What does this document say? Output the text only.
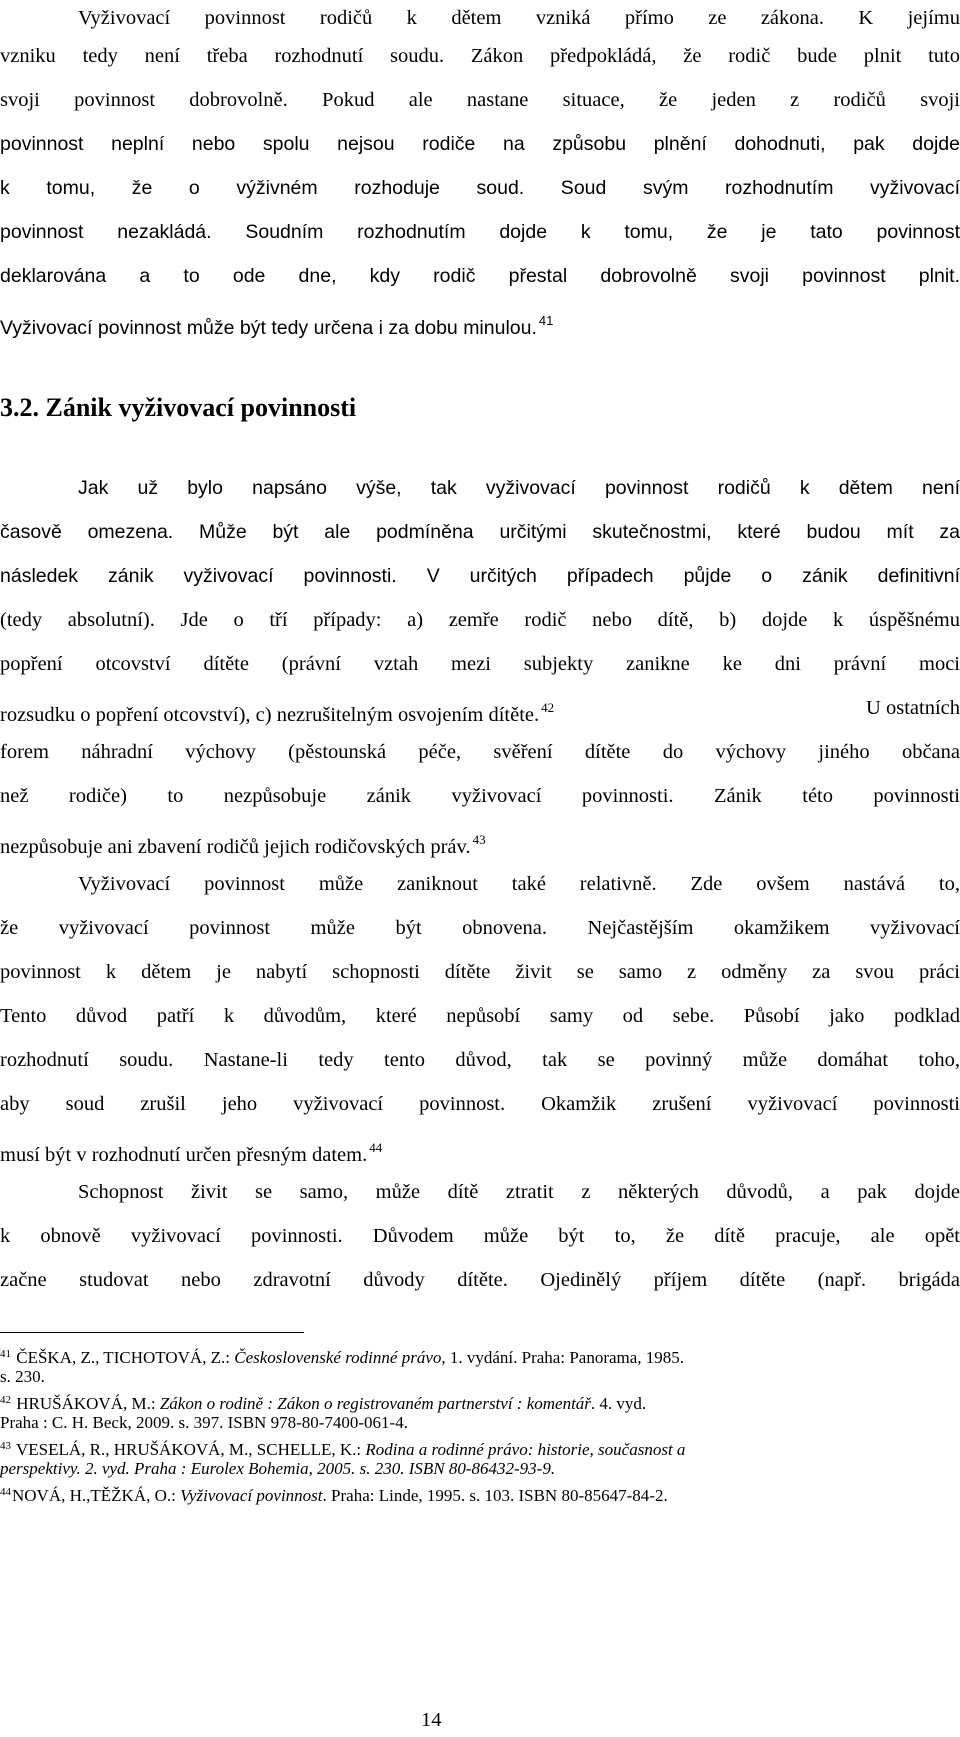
Vyživovací povinnost rodičů k dětem vzniká přímo ze zákona. K jejímu
vzniku tedy není třeba rozhodnutí soudu. Zákon předpokládá, že rodič bude plnit tuto
svoji povinnost dobrovolně. Pokud ale nastane situace, že jeden z rodičů svoji
povinnost neplní nebo spolu nejsou rodiče na způsobu plnění dohodnuti, pak dojde
k tomu, že o výživném rozhoduje soud. Soud svým rozhodnutím vyživovací
povinnost nezakládá. Soudním rozhodnutím dojde k tomu, že je tato povinnost
deklarována a to ode dne, kdy rodič přestal dobrovolně svoji povinnost plnit.
Vyživovací povinnost může být tedy určena i za dobu minulou. $^{41}$
3.2. Zánik vyživovací povinnosti
Jak už bylo napsáno výše, tak vyživovací povinnost rodičů k dětem není
časově omezena. Může být ale podmíněna určitými skutečnostmi, které budou mít za
následek zánik vyživovací povinnosti. V určitých případech půjde o zánik definitivní
(tedy absolutní). Jde o tří případy: a) zemře rodič nebo dítě, b) dojde k úspěšnému
popření otcovství dítěte (právní vztah mezi subjekty zanikne ke dni právní moci
rozsudku o popření otcovství), c) nezrušitelným osvojením dítěte. $^{42}$	U ostatních
forem náhradní výchovy (pěstounská péče, svěření dítěte do výchovy jiného občana
než rodiče) to nezpůsobuje zánik vyživovací povinnosti. Zánik této povinnosti
nezpůsobuje ani zbavení rodičů jejich rodičovských práv. $^{43}$
Vyživovací povinnost může zaniknout také relativně. Zde ovšem nastává to,
že vyživovací povinnost může být obnovena. Nejčastějším okamžikem vyživovací
povinnost k dětem je nabytí schopnosti dítěte živit se samo z odměny za svou práci
Tento důvod patří k důvodům, které nepůsobí samy od sebe. Působí jako podklad
rozhodnutí soudu. Nastane-li tedy tento důvod, tak se povinný může domáhat toho,
aby soud zrušil jeho vyživovací povinnost. Okamžik zrušení vyživovací povinnosti
musí být v rozhodnutí určen přesným datem. $^{44}$
Schopnost živit se samo, může dítě ztratit z některých důvodů, a pak dojde
k obnově vyživovací povinnosti. Důvodem může být to, že dítě pracuje, ale opět
začne studovat nebo zdravotní důvody dítěte. Ojedinělý příjem dítěte (např. brigáda
$^{41}$ ČEŠKA, Z., TICHOTOVÁ, Z.: Československé rodinné právo, 1. vydání. Praha: Panorama, 1985.
s. 230.
$^{42}$ HRUŠÁKOVÁ, M.: Zákon o rodině : Zákon o registrovaném partnerství : komentář. 4. vyd.
Praha : C. H. Beck, 2009. s. 397. ISBN 978-80-7400-061-4.
$^{43}$ VESELÁ, R., HRUŠÁKOVÁ, M., SCHELLE, K.: Rodina a rodinné právo: historie, současnost a
perspektivy. 2. vyd. Praha : Eurolex Bohemia, 2005. s. 230. ISBN 80-86432-93-9.
$^{44}$NOVÁ, H.,TĚŽKÁ, O.: Vyživovací povinnost. Praha: Linde, 1995. s. 103. ISBN 80-85647-84-2.
14
